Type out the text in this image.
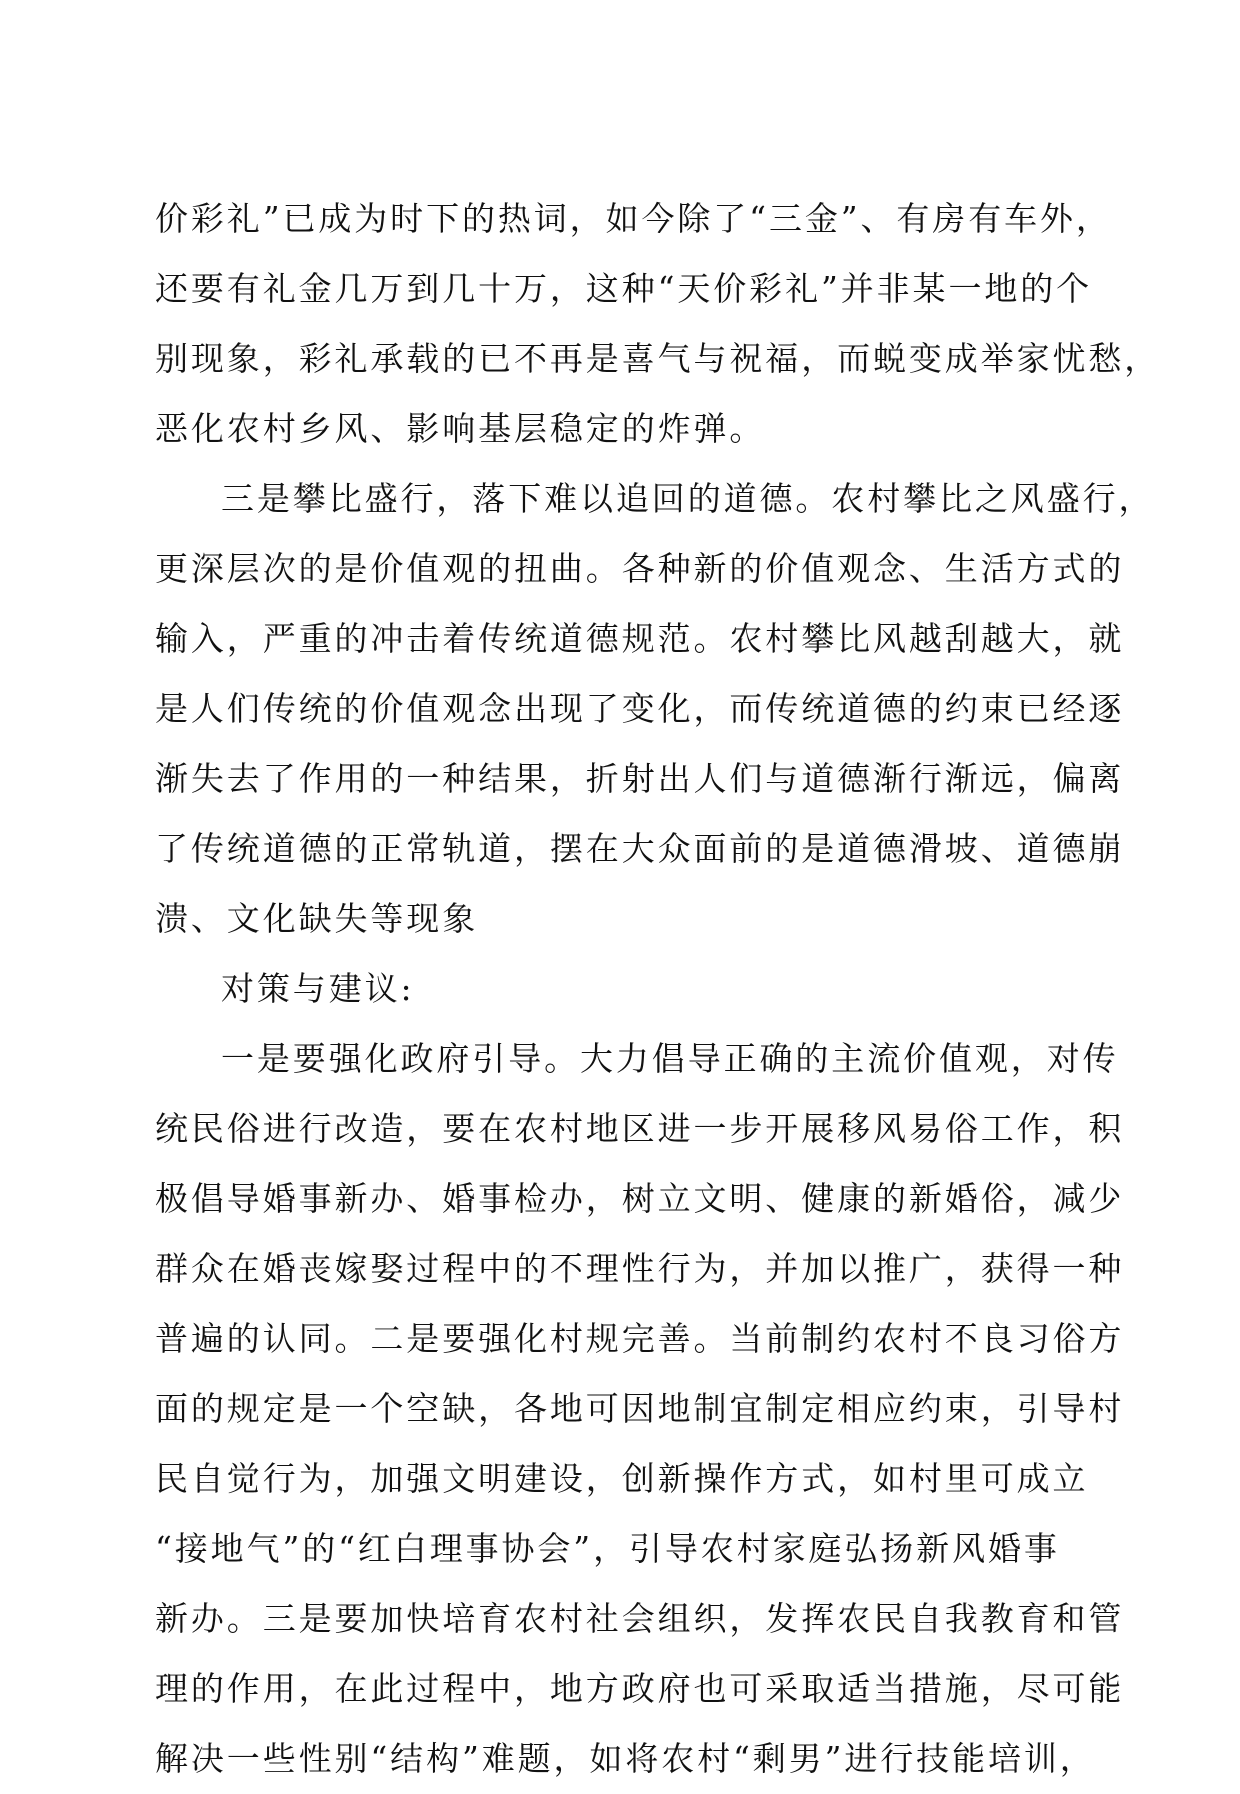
价彩礼”已成为时下的热词，如今除了“三金”、有房有车外，
还要有礼金几万到几十万，这种“天价彩礼”并非某一地的个
别现象，彩礼承载的已不再是喜气与祝福，而蜕变成举家忧愁，
恶化农村乡风、影响基层稳定的炸弹。
三是攀比盛行，落下难以追回的道德。农村攀比之风盛行，
更深层次的是价值观的扭曲。各种新的价值观念、生活方式的
输入，严重的冲击着传统道德规范。农村攀比风越刮越大，就
是人们传统的价值观念出现了变化，而传统道德的约束已经逐
渐失去了作用的一种结果，折射出人们与道德渐行渐远，偏离
了传统道德的正常轨道，摆在大众面前的是道德滑坡、道德崩
溃、文化缺失等现象
对策与建议:
一是要强化政府引导。大力倡导正确的主流价值观，对传
统民俗进行改造，要在农村地区进一步开展移风易俗工作，积
极倡导婚事新办、婚事检办，树立文明、健康的新婚俗，减少
群众在婚丧嫁娶过程中的不理性行为，并加以推广，获得一种
普遍的认同。二是要强化村规完善。当前制约农村不良习俗方
面的规定是一个空缺，各地可因地制宜制定相应约束，引导村
民自觉行为，加强文明建设，创新操作方式，如村里可成立
“接地气”的“红白理事协会”，引导农村家庭弘扬新风婚事
新办。三是要加快培育农村社会组织，发挥农民自我教育和管
理的作用，在此过程中，地方政府也可采取适当措施，尽可能
解决一些性别“结构”难题，如将农村“剩男”进行技能培训，
